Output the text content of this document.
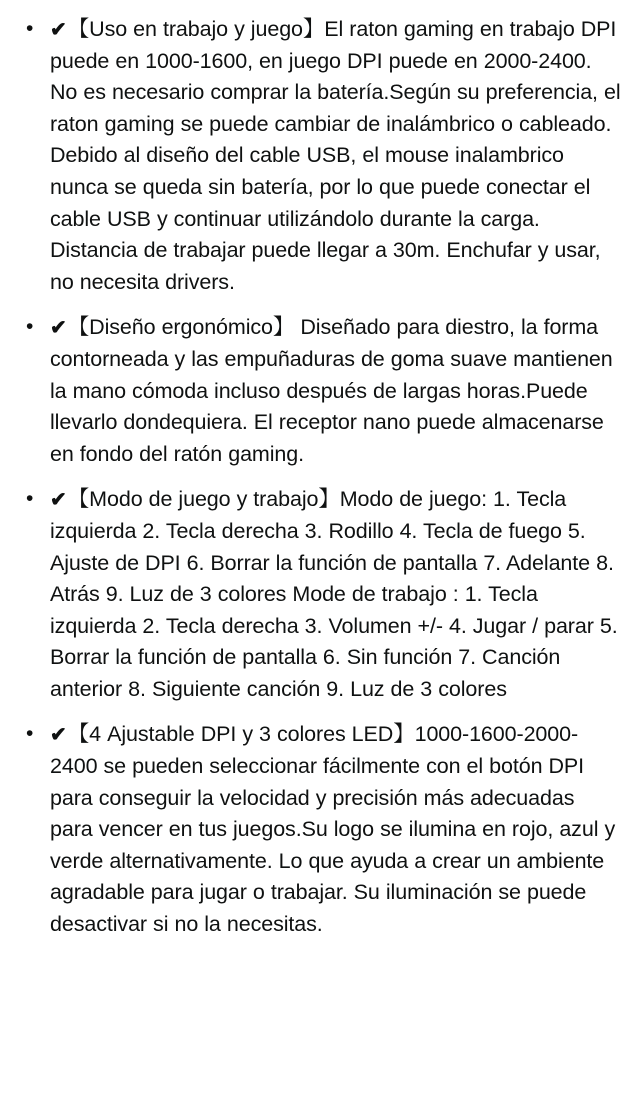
• ✔【Uso en trabajo y juego】El raton gaming en trabajo DPI puede en 1000-1600, en juego DPI puede en 2000-2400. No es necesario comprar la batería.Según su preferencia, el raton gaming se puede cambiar de inalámbrico o cableado. Debido al diseño del cable USB, el mouse inalambrico nunca se queda sin batería, por lo que puede conectar el cable USB y continuar utilizándolo durante la carga. Distancia de trabajar puede llegar a 30m. Enchufar y usar, no necesita drivers.
• ✔【Diseño ergonómico】 Diseñado para diestro, la forma contorneada y las empuñaduras de goma suave mantienen la mano cómoda incluso después de largas horas.Puede llevarlo dondequiera. El receptor nano puede almacenarse en fondo del ratón gaming.
• ✔【Modo de juego y trabajo】Modo de juego: 1. Tecla izquierda 2. Tecla derecha 3. Rodillo 4. Tecla de fuego 5. Ajuste de DPI 6. Borrar la función de pantalla 7. Adelante 8. Atrás 9. Luz de 3 colores Mode de trabajo : 1. Tecla izquierda 2. Tecla derecha 3. Volumen +/- 4. Jugar / parar 5. Borrar la función de pantalla 6. Sin función 7. Canción anterior 8. Siguiente canción 9. Luz de 3 colores
• ✔【4 Ajustable DPI y 3 colores LED】1000-1600-2000-2400 se pueden seleccionar fácilmente con el botón DPI para conseguir la velocidad y precisión más adecuadas para vencer en tus juegos.Su logo se ilumina en rojo, azul y verde alternativamente. Lo que ayuda a crear un ambiente agradable para jugar o trabajar. Su iluminación se puede desactivar si no la necesitas.
